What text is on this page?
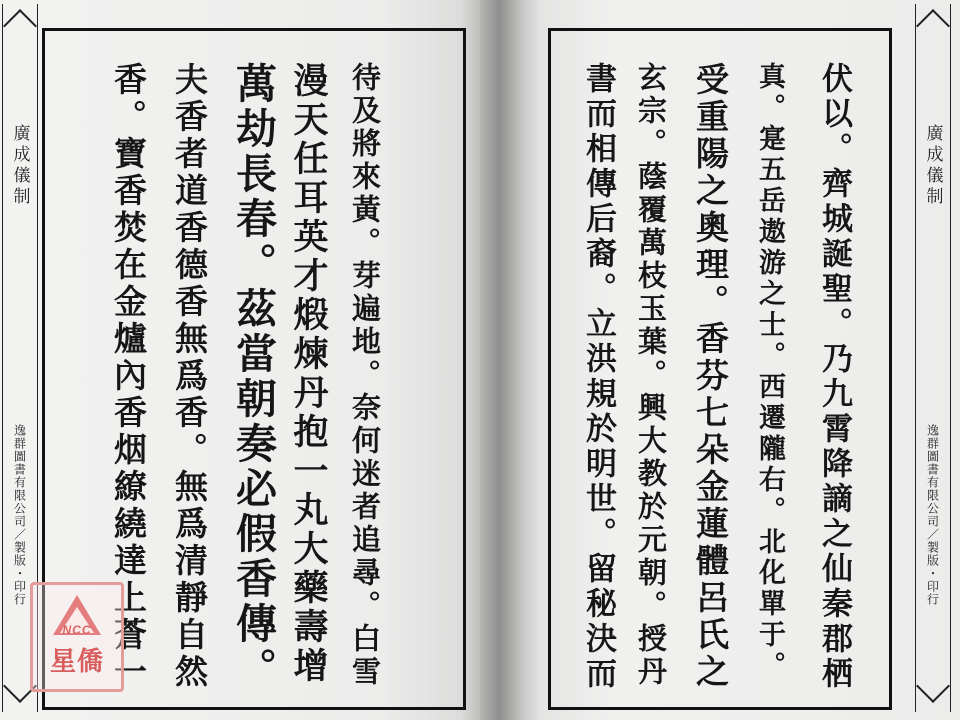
廣成儀制
逸群圖書有限公司／製版・印行
廣成儀制
逸群圖書有限公司／製版・印行
待及將來黃。芽遍地。奈何迷者追尋。白雪
漫天任耳英才煅煉丹抱一丸大藥壽增
萬劫長春。茲當朝奏必假香傳。
夫香者道香德香無爲香。無爲清靜自然
香。寶香焚在金爐內香烟繚繞達上蒼一	伏以。齊城誕聖。乃九霄降謫之仙秦郡栖
真。寔五岳遨游之士。西遷隴右。北化單于。
受重陽之奧理。香芬七朵金蓮體呂氏之
玄宗。蔭覆萬枝玉葉。興大教於元朝。授丹
書而相傳后裔。立洪規於明世。留秘決而
NCC
星僑
